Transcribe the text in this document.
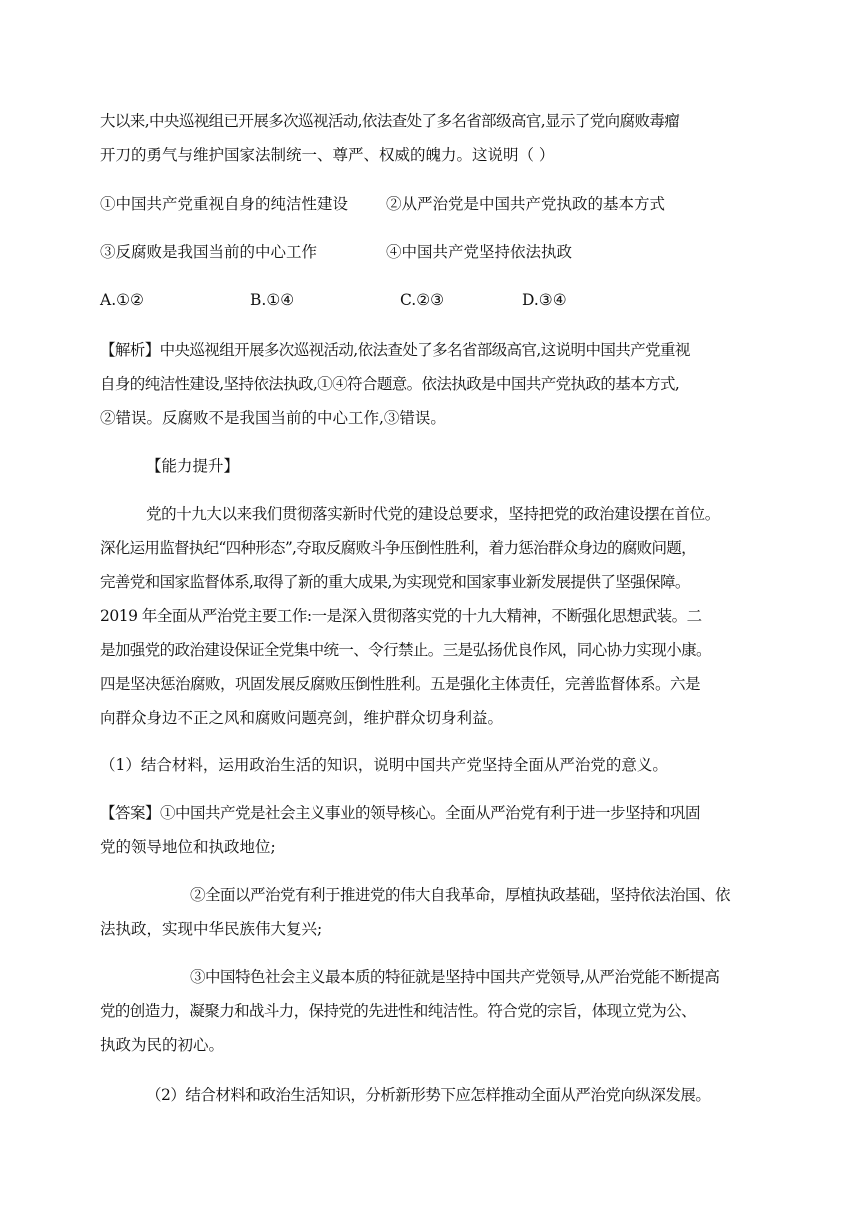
大以来,中央巡视组已开展多次巡视活动,依法查处了多名省部级高官,显示了党向腐败毒瘤
开刀的勇气与维护国家法制统一、尊严、权威的魄力。这说明（ ）
①中国共产党重视自身的纯洁性建设 ②从严治党是中国共产党执政的基本方式
③反腐败是我国当前的中心工作	④中国共产党坚持依法执政
A.①②	B.①④	C.②③	D.③④
【解析】中央巡视组开展多次巡视活动,依法查处了多名省部级高官,这说明中国共产党重视
自身的纯洁性建设,坚持依法执政,①④符合题意。依法执政是中国共产党执政的基本方式,
②错误。反腐败不是我国当前的中心工作,③错误。
【能力提升】
党的十九大以来我们贯彻落实新时代党的建设总要求，坚持把党的政治建设摆在首位。
深化运用监督执纪“四种形态”,夺取反腐败斗争压倒性胜利，着力惩治群众身边的腐败问题，
完善党和国家监督体系,取得了新的重大成果,为实现党和国家事业新发展提供了坚强保障。
2019 年全面从严治党主要工作:一是深入贯彻落实党的十九大精神，不断强化思想武装。二
是加强党的政治建设保证全党集中统一、令行禁止。三是弘扬优良作风，同心协力实现小康。
四是坚决惩治腐败，巩固发展反腐败压倒性胜利。五是强化主体责任，完善监督体系。六是
向群众身边不正之风和腐败问题亮剑，维护群众切身利益。
（1）结合材料，运用政治生活的知识，说明中国共产党坚持全面从严治党的意义。
【答案】①中国共产党是社会主义事业的领导核心。全面从严治党有利于进一步坚持和巩固
党的领导地位和执政地位;
②全面以严治党有利于推进党的伟大自我革命，厚植执政基础，坚持依法治国、依
法执政，实现中华民族伟大复兴;
③中国特色社会主义最本质的特征就是坚持中国共产党领导,从严治党能不断提高
党的创造力，凝聚力和战斗力，保持党的先进性和纯洁性。符合党的宗旨，体现立党为公、
执政为民的初心。
（2）结合材料和政治生活知识，分析新形势下应怎样推动全面从严治党向纵深发展。
